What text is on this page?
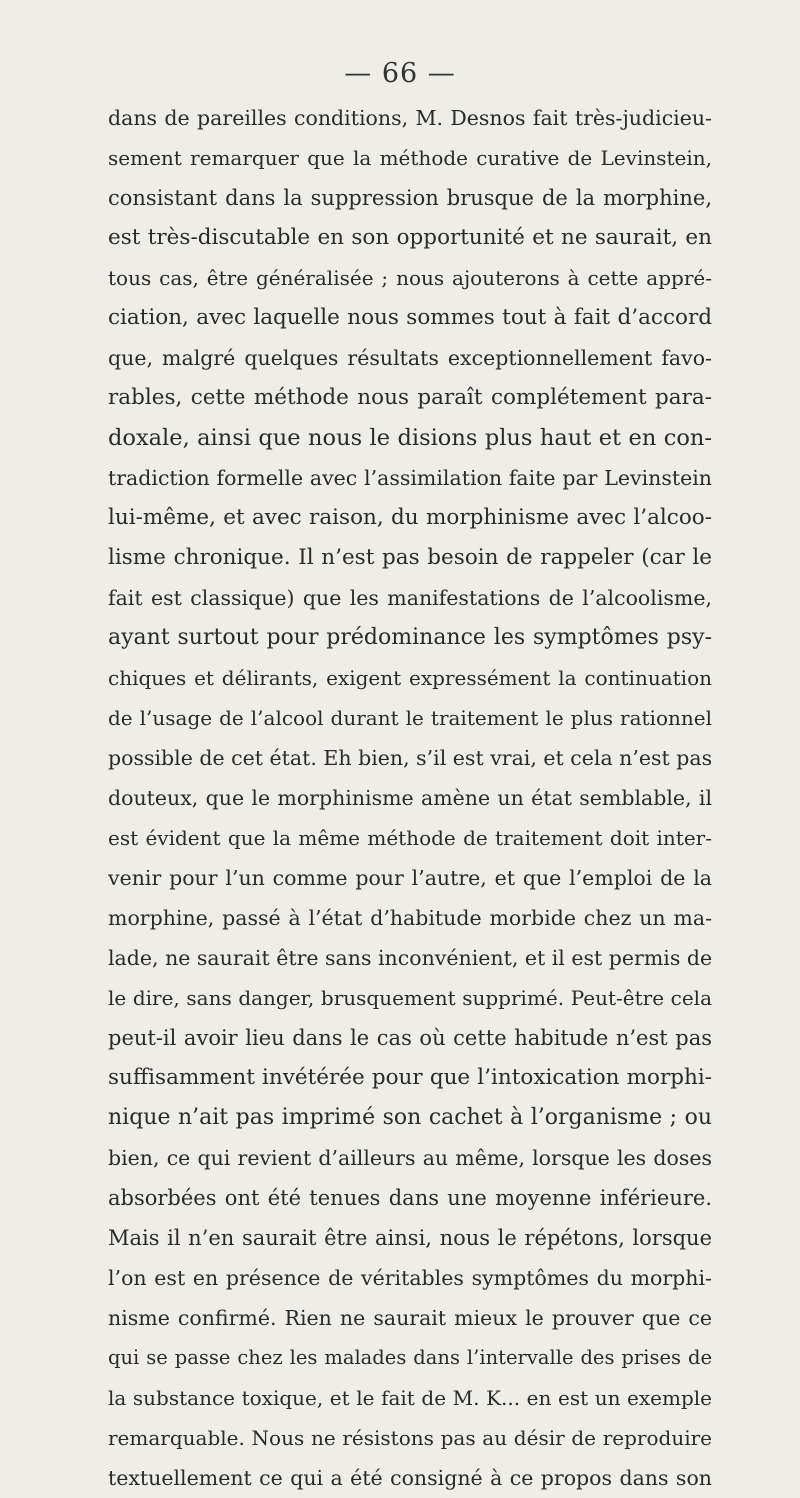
— 66 —
dans de pareilles conditions, M. Desnos fait très-judicieu-
sement remarquer que la méthode curative de Levinstein,
consistant dans la suppression brusque de la morphine,
est très-discutable en son opportunité et ne saurait, en
tous cas, être généralisée ; nous ajouterons à cette appré-
ciation, avec laquelle nous sommes tout à fait d’accord
que, malgré quelques résultats exceptionnellement favo-
rables, cette méthode nous paraît complétement para-
doxale, ainsi que nous le disions plus haut et en con-
tradiction formelle avec l’assimilation faite par Levinstein
lui-même, et avec raison, du morphinisme avec l’alcoo-
lisme chronique. Il n’est pas besoin de rappeler (car le
fait est classique) que les manifestations de l’alcoolisme,
ayant surtout pour prédominance les symptômes psy-
chiques et délirants, exigent expressément la continuation
de l’usage de l’alcool durant le traitement le plus rationnel
possible de cet état. Eh bien, s’il est vrai, et cela n’est pas
douteux, que le morphinisme amène un état semblable, il
est évident que la même méthode de traitement doit inter-
venir pour l’un comme pour l’autre, et que l’emploi de la
morphine, passé à l’état d’habitude morbide chez un ma-
lade, ne saurait être sans inconvénient, et il est permis de
le dire, sans danger, brusquement supprimé. Peut-être cela
peut-il avoir lieu dans le cas où cette habitude n’est pas
suffisamment invétérée pour que l’intoxication morphi-
nique n’ait pas imprimé son cachet à l’organisme ; ou
bien, ce qui revient d’ailleurs au même, lorsque les doses
absorbées ont été tenues dans une moyenne inférieure.
Mais il n’en saurait être ainsi, nous le répétons, lorsque
l’on est en présence de véritables symptômes du morphi-
nisme confirmé. Rien ne saurait mieux le prouver que ce
qui se passe chez les malades dans l’intervalle des prises de
la substance toxique, et le fait de M. K... en est un exemple
remarquable. Nous ne résistons pas au désir de reproduire
textuellement ce qui a été consigné à ce propos dans son
